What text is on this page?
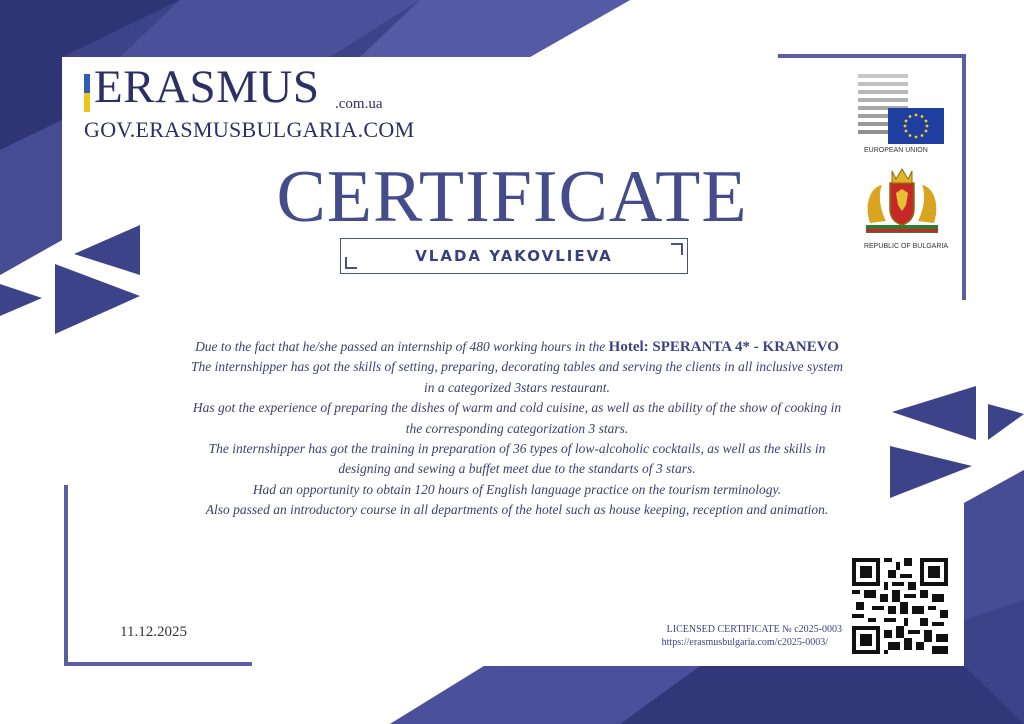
ERASMUS .com.ua
GOV.ERASMUSBULGARIA.COM
EUROPEAN UNION
REPUBLIC OF BULGARIA
CERTIFICATE
VLADA YAKOVLIEVA

Due to the fact that he/she passed an internship of 480 working hours in the Hotel: SPERANTA 4* - KRANEVO

The internshipper has got the skills of setting, preparing, decorating tables and serving the clients in all inclusive system

in a categorized 3stars restaurant.

Has got the experience of preparing the dishes of warm and cold cuisine, as well as the ability of the show of cooking in

the corresponding categorization 3 stars.

The internshipper has got the training in preparation of 36 types of low-alcoholic cocktails, as well as the skills in

designing and sewing a buffet meet due to the standarts of 3 stars.

Had an opportunity to obtain 120 hours of English language practice on the tourism terminology.

Also passed an introductory course in all departments of the hotel such as house keeping, reception and animation.

11.12.2025	LICENSED CERTIFICATE № c2025-0003
https://erasmusbulgaria.com/c2025-0003/
